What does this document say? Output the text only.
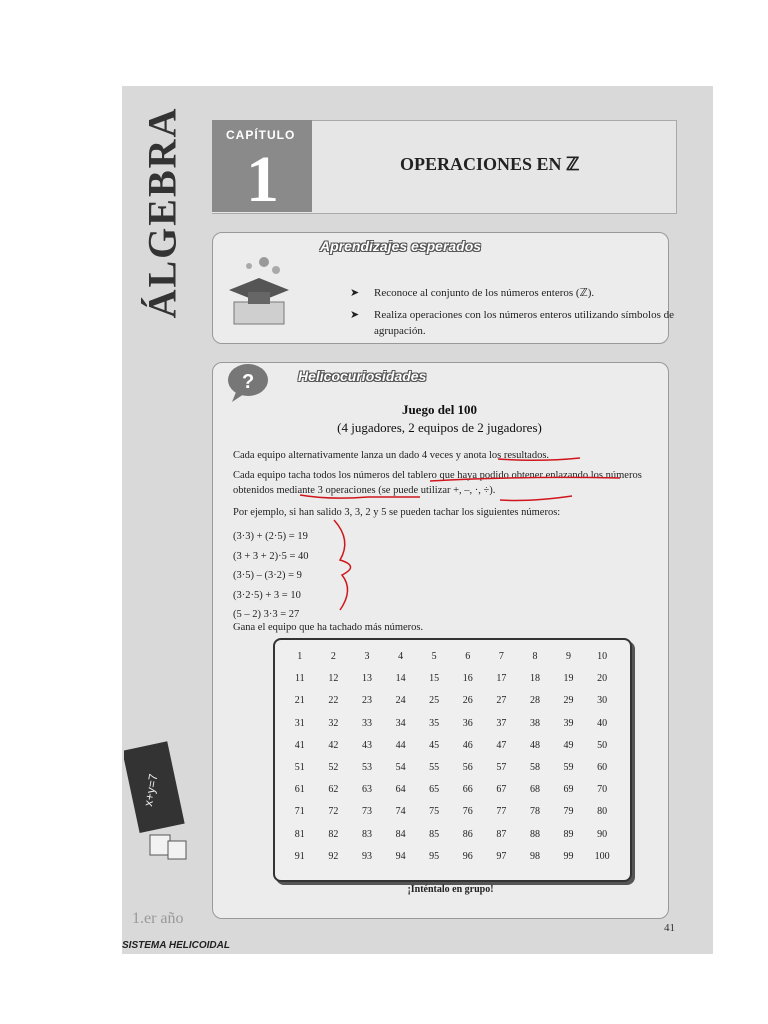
ÁLGEBRA	CAPÍTULO
1	OPERACIONES EN ℤ
Aprendizajes esperados
➤ Reconoce al conjunto de los números enteros (ℤ).
➤ Realiza operaciones con los números enteros utilizando símbolos de agrupación.
?	Helicocuriosidades
Juego del 100
(4 jugadores, 2 equipos de 2 jugadores)
Cada equipo alternativamente lanza un dado 4 veces y anota los resultados.
Cada equipo tacha todos los números del tablero que haya podido obtener enlazando los números obtenidos mediante 3 operaciones (se puede utilizar +, –, ·, ÷).
Por ejemplo, si han salido 3, 3, 2 y 5 se pueden tachar los siguientes números:
(3·3) + (2·5) = 19
(3 + 3 + 2)·5 = 40
(3·5) – (3·2) = 9
(3·2·5) + 3 = 10
(5 – 2) 3·3 = 27
Gana el equipo que ha tachado más números.
1	2	3	4	5	6	7	8	9	10
11	12	13	14	15	16	17	18	19	20
21	22	23	24	25	26	27	28	29	30
31	32	33	34	35	36	37	38	39	40
41	42	43	44	45	46	47	48	49	50
51	52	53	54	55	56	57	58	59	60
61	62	63	64	65	66	67	68	69	70
71	72	73	74	75	76	77	78	79	80
81	82	83	84	85	86	87	88	89	90
91	92	93	94	95	96	97	98	99	100
¡Inténtalo en grupo!
x+y=7
1.er año
41
SISTEMA HELICOIDAL
